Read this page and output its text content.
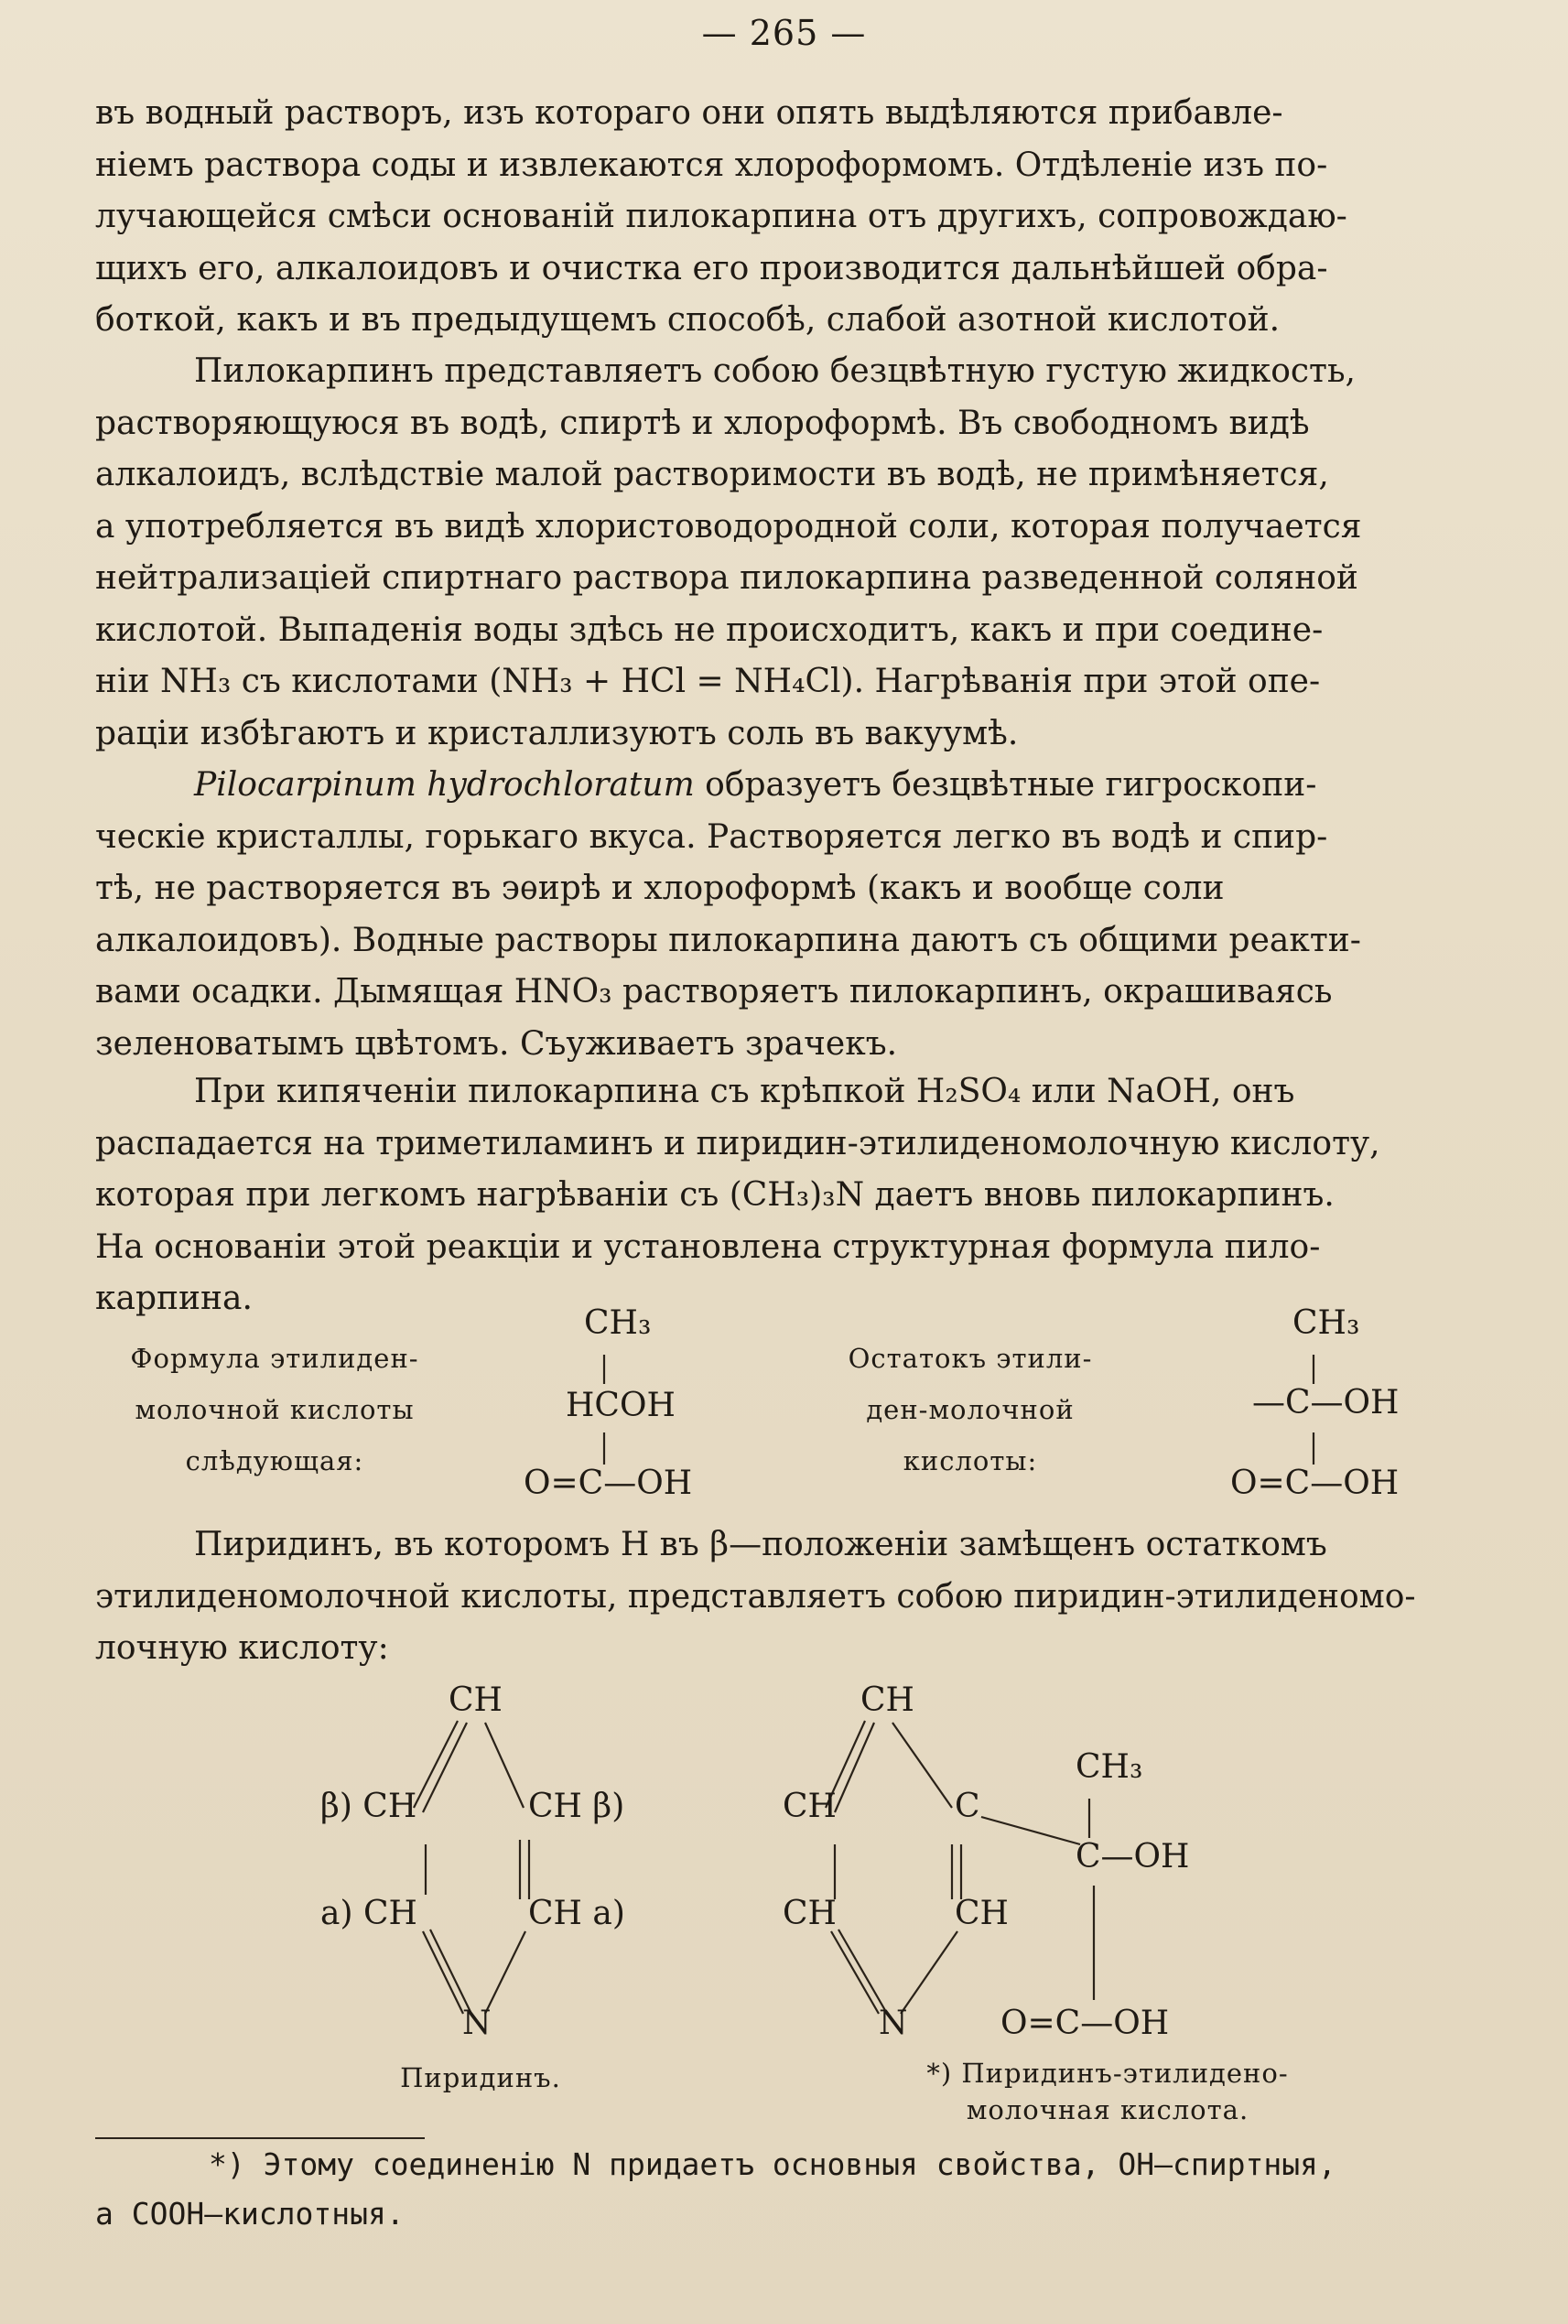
— 265 —

въ водный растворъ, изъ котораго они опять выдѣляются прибавле-

ніемъ раствора соды и извлекаются хлороформомъ. Отдѣленіе изъ по-

лучающейся смѣси основаній пилокарпина отъ другихъ, сопровождаю-

щихъ его, алкалоидовъ и очистка его производится дальнѣйшей обра-

боткой, какъ и въ предыдущемъ способѣ, слабой азотной кислотой.

Пилокарпинъ представляетъ собою безцвѣтную густую жидкость,

растворяющуюся въ водѣ, спиртѣ и хлороформѣ. Въ свободномъ видѣ

алкалоидъ, вслѣдствіе малой растворимости въ водѣ, не примѣняется,

а употребляется въ видѣ хлористоводородной соли, которая получается

нейтрализаціей спиртнаго раствора пилокарпина разведенной соляной

кислотой. Выпаденія воды здѣсь не происходитъ, какъ и при соедине-

ніи NH₃ съ кислотами (NH₃ + HCl = NH₄Cl). Нагрѣванія при этой опе-

раціи избѣгаютъ и кристаллизуютъ соль въ вакуумѣ.

Pilocarpinum hydrochloratum образуетъ безцвѣтные гигроскопи-

ческіе кристаллы, горькаго вкуса. Растворяется легко въ водѣ и спир-

тѣ, не растворяется въ эѳирѣ и хлороформѣ (какъ и вообще соли

алкалоидовъ). Водные растворы пилокарпина даютъ съ общими реакти-

вами осадки. Дымящая HNO₃ растворяетъ пилокарпинъ, окрашиваясь

зеленоватымъ цвѣтомъ. Съуживаетъ зрачекъ.

При кипяченіи пилокарпина съ крѣпкой H₂SO₄ или NaOH, онъ

распадается на триметиламинъ и пиридин-этилиденомолочную кислоту,

которая при легкомъ нагрѣваніи съ (CH₃)₃N даетъ вновь пилокарпинъ.

На основаніи этой реакціи и установлена структурная формула пило-

карпина.

Формула этилиден-
молочной кислоты
слѣдующая:
CH₃
HCOH
O=C—OH
Остатокъ этили-
ден-молочной
кислоты:
CH₃
—C—OH
O=C—OH

Пиридинъ, въ которомъ H въ β—положеніи замѣщенъ остаткомъ

этилиденомолочной кислоты, представляетъ собою пиридин-этилиденомо-

лочную кислоту:

CH
β) CH	CH β)
a) CH	CH a)
N
Пиридинъ.
CH
CH	C
CH	CH
N
CH₃
C—OH
O=C—OH
*) Пиридинъ-этилидено-
молочная кислота.
*) Этому соединенію N придаетъ основныя свойства, OH—спиртныя,
а COOH—кислотныя.
